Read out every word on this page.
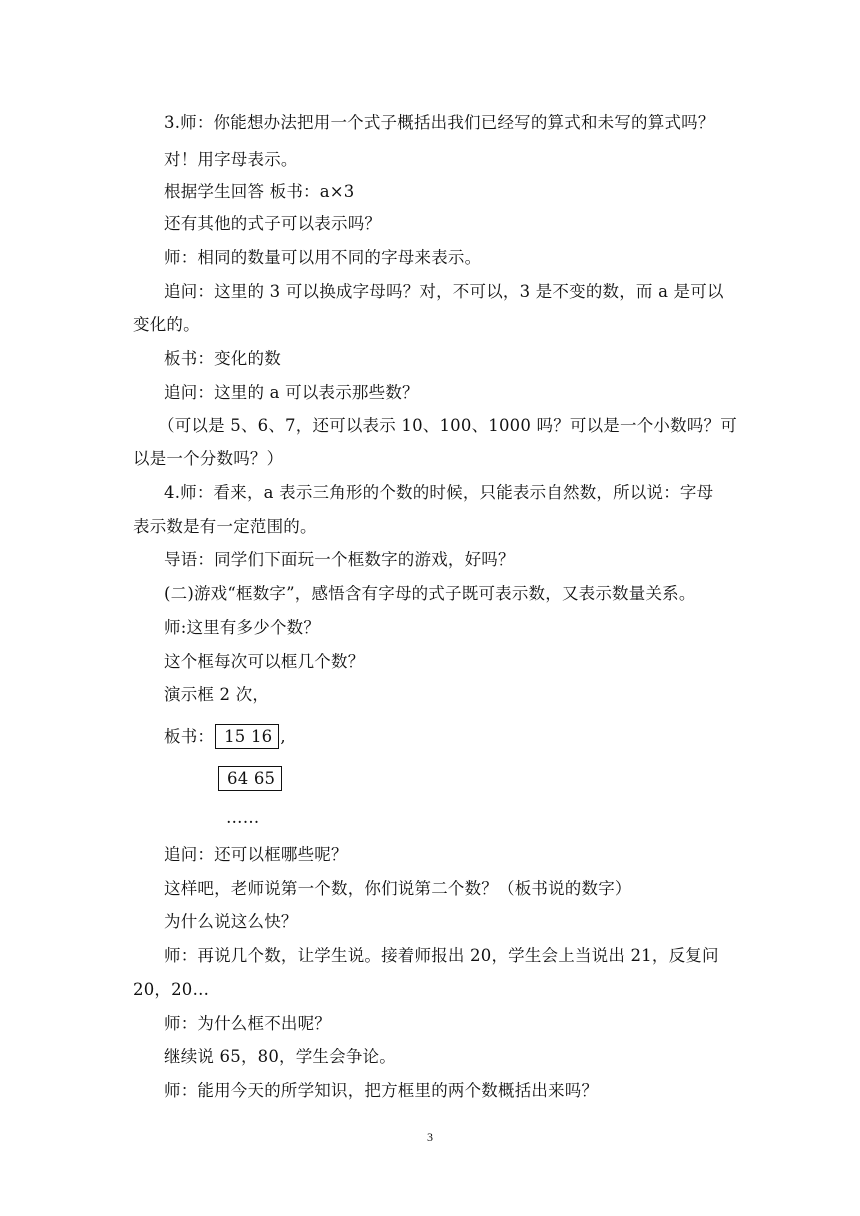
3.师：你能想办法把用一个式子概括出我们已经写的算式和未写的算式吗？
对！用字母表示。
根据学生回答 板书：a×3
还有其他的式子可以表示吗？
师：相同的数量可以用不同的字母来表示。
追问：这里的 3 可以换成字母吗？对，不可以，3 是不变的数，而 a 是可以
变化的。
板书：变化的数
追问：这里的 a 可以表示那些数？
（可以是 5、6、7，还可以表示 10、100、1000 吗？可以是一个小数吗？可
以是一个分数吗？）
4.师：看来，a 表示三角形的个数的时候，只能表示自然数，所以说：字母
表示数是有一定范围的。
导语：同学们下面玩一个框数字的游戏，好吗？
(二)游戏“框数字”，感悟含有字母的式子既可表示数，又表示数量关系。
师:这里有多少个数？
这个框每次可以框几个数？
演示框 2 次，
板书： 15 16 ,
64 65
……
追问：还可以框哪些呢？
这样吧，老师说第一个数，你们说第二个数？（板书说的数字）
为什么说这么快？
师：再说几个数，让学生说。接着师报出 20，学生会上当说出 21，反复问
20，20…
师：为什么框不出呢？
继续说 65，80，学生会争论。
师：能用今天的所学知识，把方框里的两个数概括出来吗？
3
